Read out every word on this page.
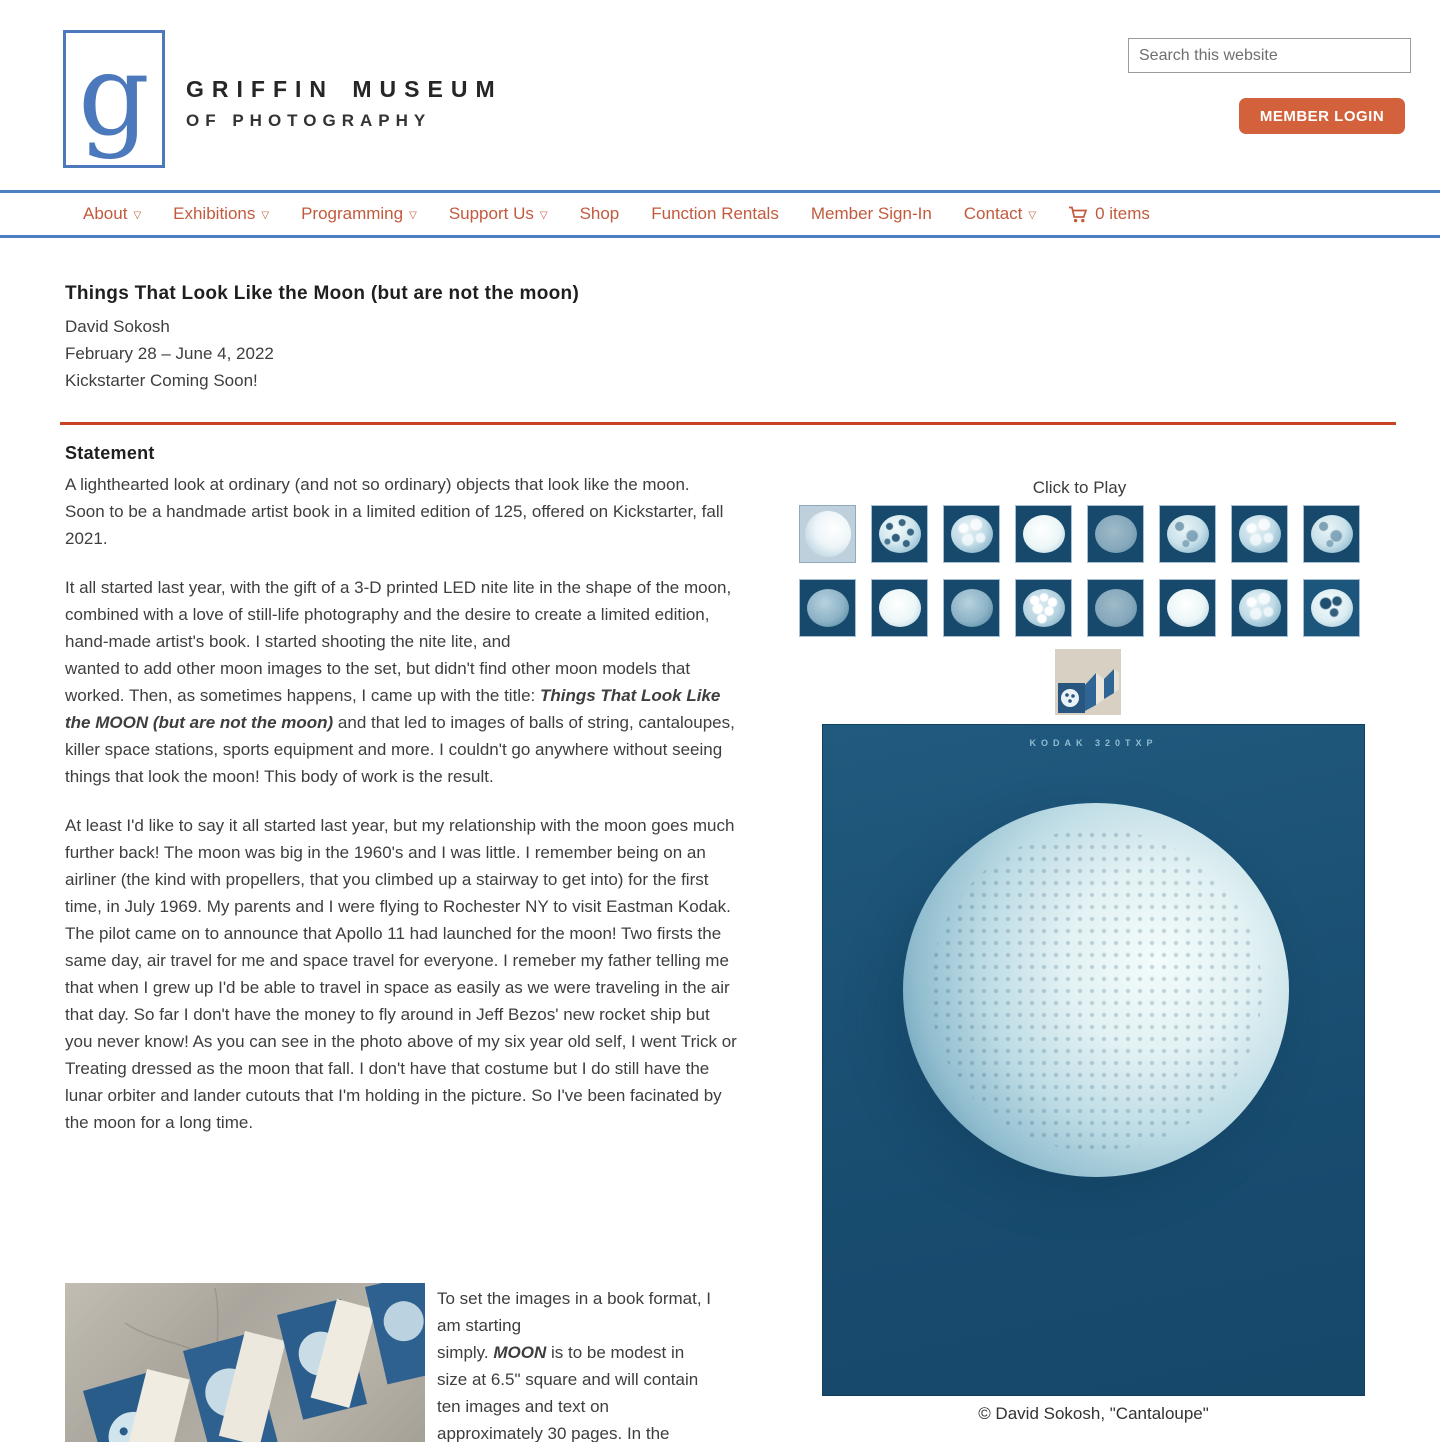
g GRIFFIN MUSEUM
OF PHOTOGRAPHY
Search this website	MEMBER LOGIN
About ▽ Exhibitions ▽ Programming ▽ Support Us ▽ Shop Function Rentals Member Sign-In Contact ▽	0 items
Things That Look Like the Moon (but are not the moon)
David Sokosh
February 28 – June 4, 2022
Kickstarter Coming Soon!
Statement

A lighthearted look at ordinary (and not so ordinary) objects that look like the moon.
Soon to be a handmade artist book in a limited edition of 125, offered on Kickstarter, fall 2021.

It all started last year, with the gift of a 3-D printed LED nite lite in the shape of the moon, combined with a love of still-life photography and the desire to create a limited edition, hand-made artist's book. I started shooting the nite lite, and
wanted to add other moon images to the set, but didn't find other moon models that worked. Then, as sometimes happens, I came up with the title: Things That Look Like the MOON (but are not the moon) and that led to images of balls of string, cantaloupes, killer space stations, sports equipment and more. I couldn't go anywhere without seeing things that look the moon! This body of work is the result.

At least I'd like to say it all started last year, but my relationship with the moon goes much further back! The moon was big in the 1960's and I was little. I remember being on an airliner (the kind with propellers, that you climbed up a stairway to get into) for the first time, in July 1969. My parents and I were flying to Rochester NY to visit Eastman Kodak. The pilot came on to announce that Apollo 11 had launched for the moon! Two firsts the same day, air travel for me and space travel for everyone. I remeber my father telling me that when I grew up I'd be able to travel in space as easily as we were traveling in the air that day. So far I don't have the money to fly around in Jeff Bezos' new rocket ship but you never know! As you can see in the photo above of my six year old self, I went Trick or Treating dressed as the moon that fall. I don't have that costume but I do still have the lunar orbiter and lander cutouts that I'm holding in the picture. So I've been facinated by the moon for a long time.

To set the images in a book format, I am starting
simply. MOON is to be modest in size at 6.5" square and will contain ten images and text on approximately 30 pages. In the

Click to Play
KODAK 320TXP
© David Sokosh, "Cantaloupe"
